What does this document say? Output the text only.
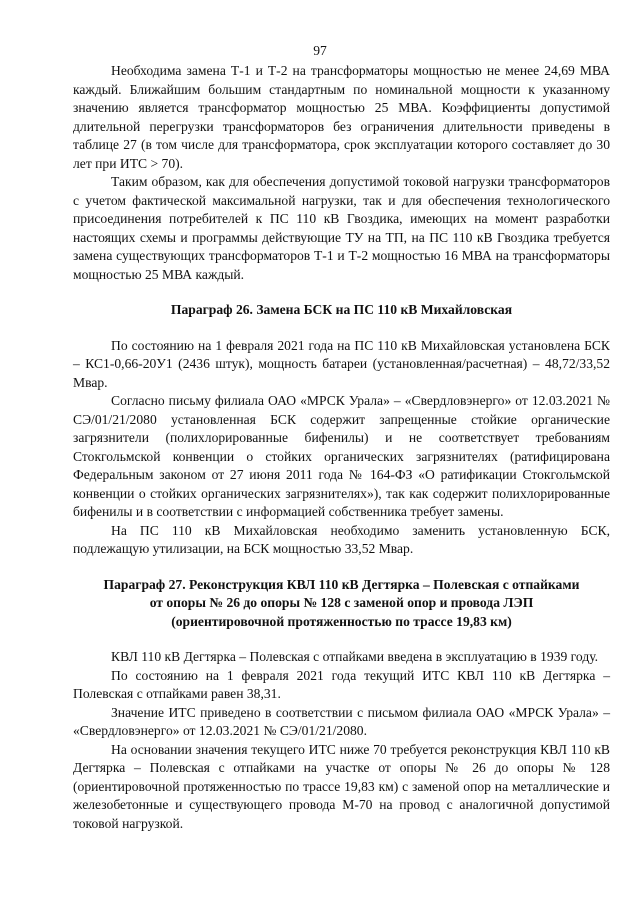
97

Необходима замена Т-1 и Т-2 на трансформаторы мощностью не менее 24,69 МВА каждый. Ближайшим большим стандартным по номинальной мощности к указанному значению является трансформатор мощностью 25 МВА. Коэффициенты допустимой длительной перегрузки трансформаторов без ограничения длительности приведены в таблице 27 (в том числе для трансформатора, срок эксплуатации которого составляет до 30 лет при ИТС > 70).

Таким образом, как для обеспечения допустимой токовой нагрузки трансформаторов с учетом фактической максимальной нагрузки, так и для обеспечения технологического присоединения потребителей к ПС 110 кВ Гвоздика, имеющих на момент разработки настоящих схемы и программы действующие ТУ на ТП, на ПС 110 кВ Гвоздика требуется замена существующих трансформаторов Т-1 и Т-2 мощностью 16 МВА на трансформаторы мощностью 25 МВА каждый.

Параграф 26. Замена БСК на ПС 110 кВ Михайловская

По состоянию на 1 февраля 2021 года на ПС 110 кВ Михайловская установлена БСК – КС1-0,66-20У1 (2436 штук), мощность батареи (установленная/расчетная) – 48,72/33,52 Мвар.

Согласно письму филиала ОАО «МРСК Урала» – «Свердловэнерго» от 12.03.2021 № СЭ/01/21/2080 установленная БСК содержит запрещенные стойкие органические загрязнители (полихлорированные бифенилы) и не соответствует требованиям Стокгольмской конвенции о стойких органических загрязнителях (ратифицирована Федеральным законом от 27 июня 2011 года № 164-ФЗ «О ратификации Стокгольмской конвенции о стойких органических загрязнителях»), так как содержит полихлорированные бифенилы и в соответствии с информацией собственника требует замены.

На ПС 110 кВ Михайловская необходимо заменить установленную БСК, подлежащую утилизации, на БСК мощностью 33,52 Мвар.

Параграф 27. Реконструкция КВЛ 110 кВ Дегтярка – Полевская с отпайками
от опоры № 26 до опоры № 128 с заменой опор и провода ЛЭП
(ориентировочной протяженностью по трассе 19,83 км)

КВЛ 110 кВ Дегтярка – Полевская с отпайками введена в эксплуатацию в 1939 году.

По состоянию на 1 февраля 2021 года текущий ИТС КВЛ 110 кВ Дегтярка – Полевская с отпайками равен 38,31.

Значение ИТС приведено в соответствии с письмом филиала ОАО «МРСК Урала» – «Свердловэнерго» от 12.03.2021 № СЭ/01/21/2080.

На основании значения текущего ИТС ниже 70 требуется реконструкция КВЛ 110 кВ Дегтярка – Полевская с отпайками на участке от опоры № 26 до опоры № 128 (ориентировочной протяженностью по трассе 19,83 км) с заменой опор на металлические и железобетонные и существующего провода М-70 на провод с аналогичной допустимой токовой нагрузкой.
